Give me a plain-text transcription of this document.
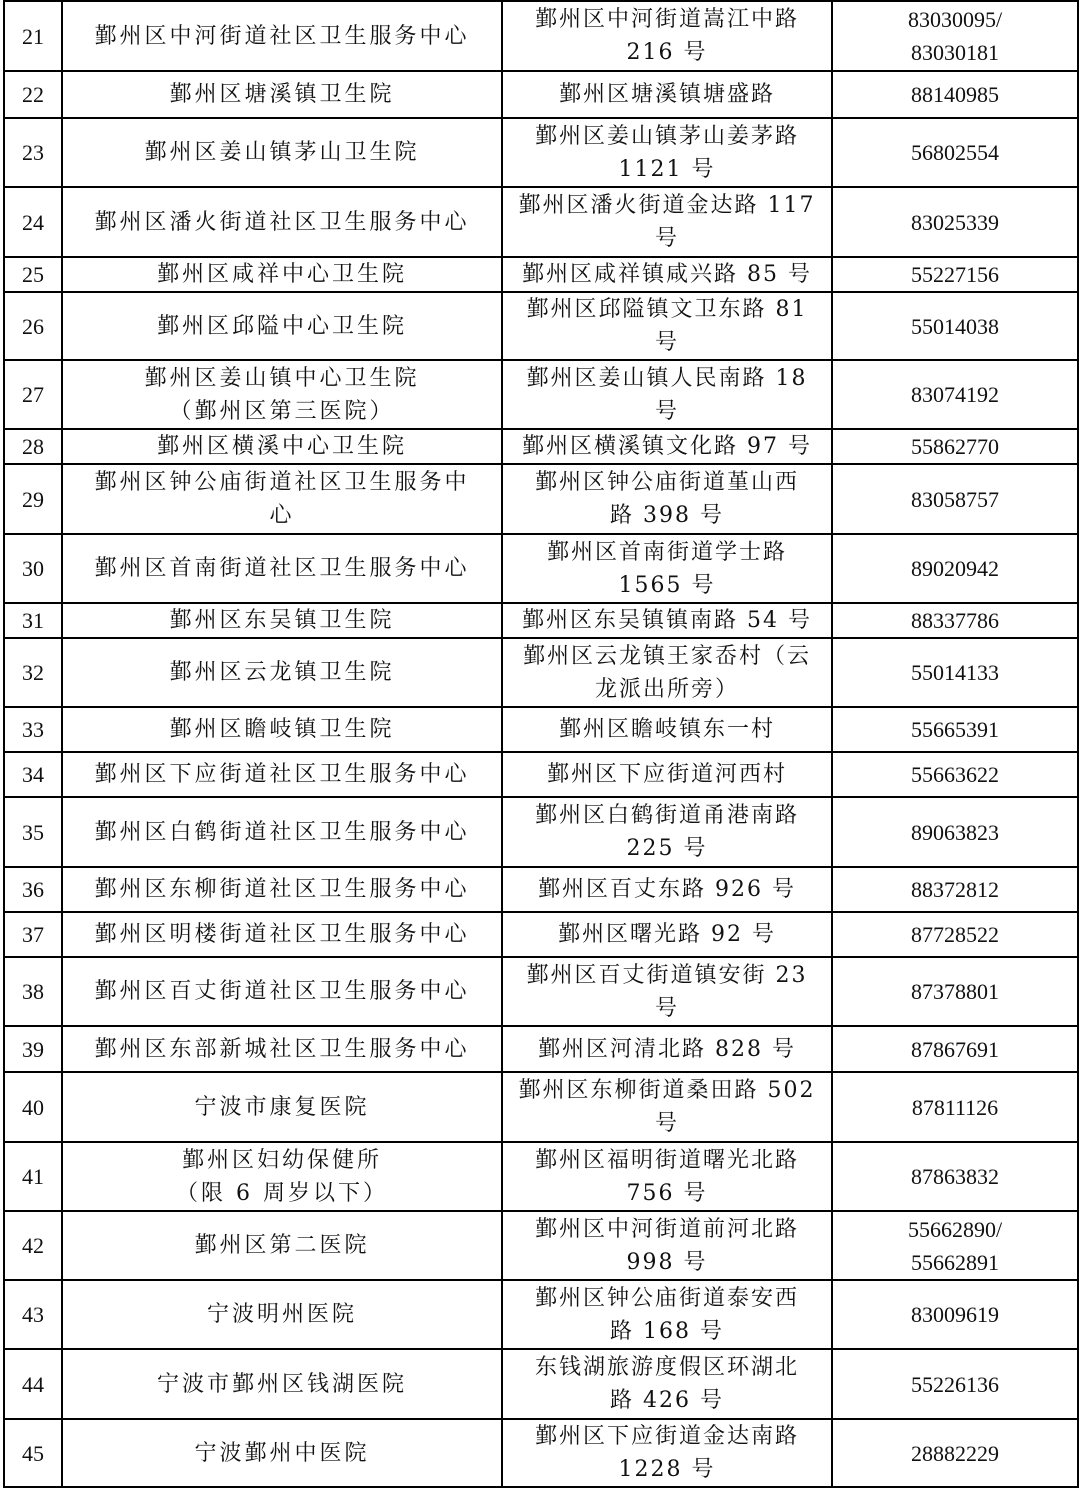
21	鄞州区中河街道社区卫生服务中心	鄞州区中河街道嵩江中路
216 号	83030095/
83030181

22	鄞州区塘溪镇卫生院	鄞州区塘溪镇塘盛路	88140985

23	鄞州区姜山镇茅山卫生院	鄞州区姜山镇茅山姜茅路
1121 号	56802554

24	鄞州区潘火街道社区卫生服务中心	鄞州区潘火街道金达路 117
号	83025339

25	鄞州区咸祥中心卫生院	鄞州区咸祥镇咸兴路 85 号	55227156

26	鄞州区邱隘中心卫生院	鄞州区邱隘镇文卫东路 81
号	55014038

27	鄞州区姜山镇中心卫生院
（鄞州区第三医院）	鄞州区姜山镇人民南路 18
号	83074192

28	鄞州区横溪中心卫生院	鄞州区横溪镇文化路 97 号	55862770

29	鄞州区钟公庙街道社区卫生服务中
心	鄞州区钟公庙街道堇山西
路 398 号	83058757

30	鄞州区首南街道社区卫生服务中心	鄞州区首南街道学士路
1565 号	89020942

31	鄞州区东吴镇卫生院	鄞州区东吴镇镇南路 54 号	88337786

32	鄞州区云龙镇卫生院	鄞州区云龙镇王家岙村（云
龙派出所旁）	55014133

33	鄞州区瞻岐镇卫生院	鄞州区瞻岐镇东一村	55665391

34	鄞州区下应街道社区卫生服务中心	鄞州区下应街道河西村	55663622

35	鄞州区白鹤街道社区卫生服务中心	鄞州区白鹤街道甬港南路
225 号	89063823

36	鄞州区东柳街道社区卫生服务中心	鄞州区百丈东路 926 号	88372812

37	鄞州区明楼街道社区卫生服务中心	鄞州区曙光路 92 号	87728522

38	鄞州区百丈街道社区卫生服务中心	鄞州区百丈街道镇安街 23
号	87378801

39	鄞州区东部新城社区卫生服务中心	鄞州区河清北路 828 号	87867691

40	宁波市康复医院	鄞州区东柳街道桑田路 502
号	87811126

41	鄞州区妇幼保健所
（限 6 周岁以下）	鄞州区福明街道曙光北路
756 号	87863832

42	鄞州区第二医院	鄞州区中河街道前河北路
998 号	55662890/
55662891

43	宁波明州医院	鄞州区钟公庙街道泰安西
路 168 号	83009619

44	宁波市鄞州区钱湖医院	东钱湖旅游度假区环湖北
路 426 号	55226136

45	宁波鄞州中医院	鄞州区下应街道金达南路
1228 号	28882229
